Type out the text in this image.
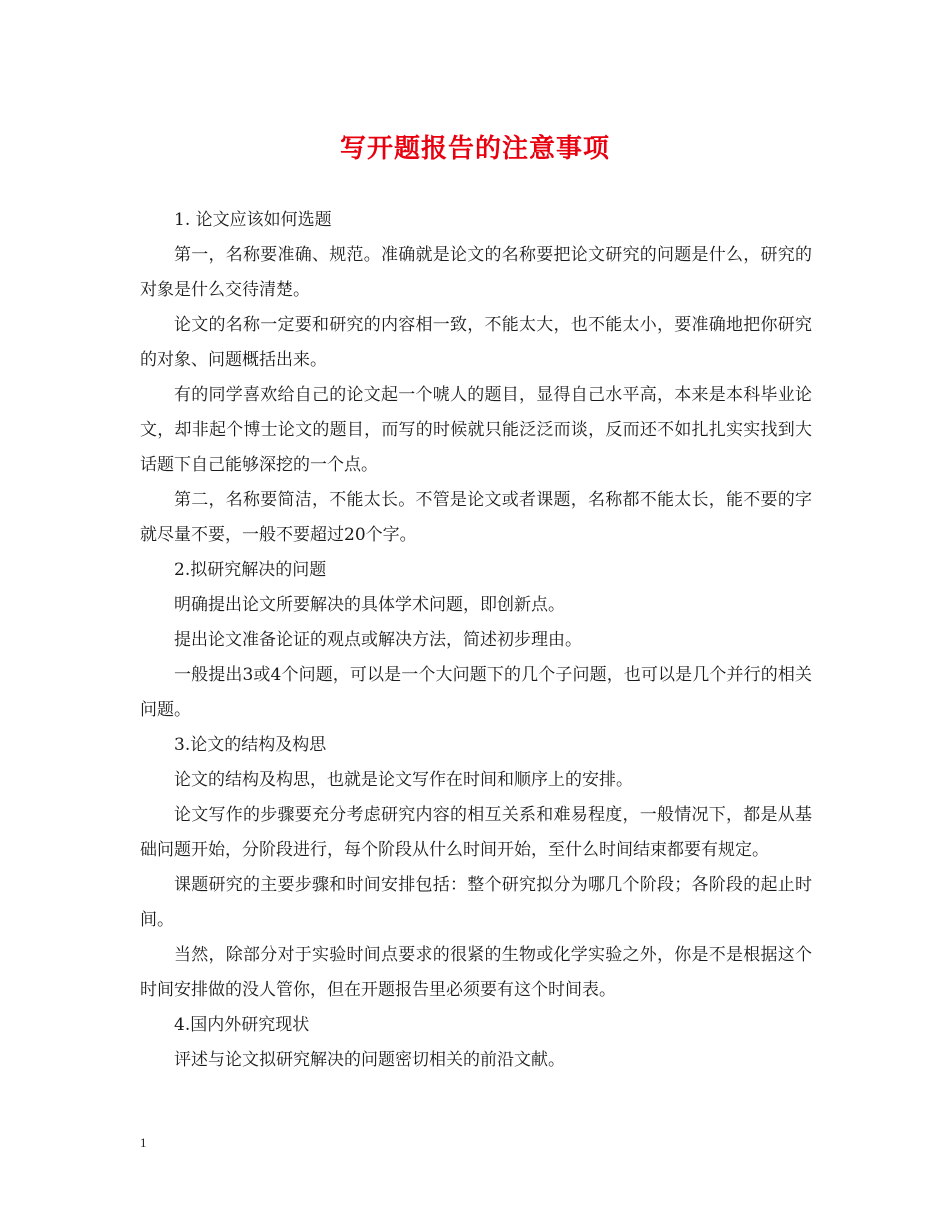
写开题报告的注意事项

1. 论文应该如何选题

第一，名称要准确、规范。准确就是论文的名称要把论文研究的问题是什么，研究的对象是什么交待清楚。

论文的名称一定要和研究的内容相一致，不能太大，也不能太小，要准确地把你研究的对象、问题概括出来。

有的同学喜欢给自己的论文起一个唬人的题目，显得自己水平高，本来是本科毕业论文，却非起个博士论文的题目，而写的时候就只能泛泛而谈，反而还不如扎扎实实找到大话题下自己能够深挖的一个点。

第二，名称要简洁，不能太长。不管是论文或者课题，名称都不能太长，能不要的字就尽量不要，一般不要超过20个字。

2.拟研究解决的问题

明确提出论文所要解决的具体学术问题，即创新点。

提出论文准备论证的观点或解决方法，简述初步理由。

一般提出3或4个问题，可以是一个大问题下的几个子问题，也可以是几个并行的相关问题。

3.论文的结构及构思

论文的结构及构思，也就是论文写作在时间和顺序上的安排。

论文写作的步骤要充分考虑研究内容的相互关系和难易程度，一般情况下，都是从基础问题开始，分阶段进行，每个阶段从什么时间开始，至什么时间结束都要有规定。

课题研究的主要步骤和时间安排包括：整个研究拟分为哪几个阶段；各阶段的起止时间。

当然，除部分对于实验时间点要求的很紧的生物或化学实验之外，你是不是根据这个时间安排做的没人管你，但在开题报告里必须要有这个时间表。

4.国内外研究现状

评述与论文拟研究解决的问题密切相关的前沿文献。

1
